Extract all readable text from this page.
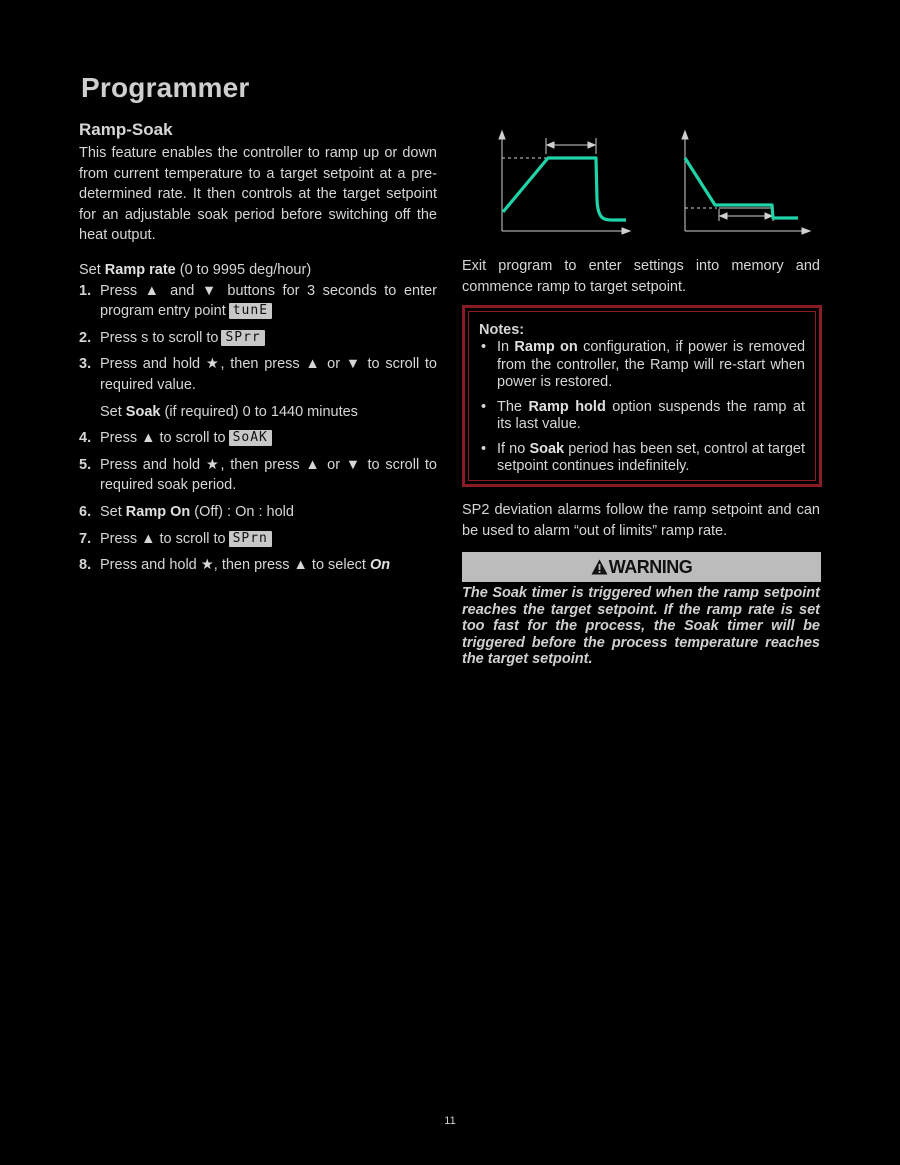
Programmer
Ramp-Soak

This feature enables the controller to ramp up or down from current temperature to a target setpoint at a pre-determined rate. It then controls at the target setpoint for an adjustable soak period before switching off the heat output.

Set Ramp rate (0 to 9995 deg/hour)

1. Press ▲ and ▼ buttons for 3 seconds to enter program entry point tunE
2. Press s to scroll to SPrr
3. Press and hold ★, then press ▲ or ▼ to scroll to required value.

Set Soak (if required) 0 to 1440 minutes

4. Press ▲ to scroll to SoAK
5. Press and hold ★, then press ▲ or ▼ to scroll to required soak period.
6. Set Ramp On (Off) : On : hold
7. Press ▲ to scroll to SPrn
8. Press and hold ★, then press ▲ to select On

Exit program to enter settings into memory and commence ramp to target setpoint.

Notes:
• In Ramp on configuration, if power is removed from the controller, the Ramp will re-start when power is restored.
• The Ramp hold option suspends the ramp at its last value.
• If no Soak period has been set, control at target setpoint continues indefinitely.

SP2 deviation alarms follow the ramp setpoint and can be used to alarm “out of limits” ramp rate.

WARNING
The Soak timer is triggered when the ramp setpoint reaches the target setpoint. If the ramp rate is set too fast for the process, the Soak timer will be triggered before the process temperature reaches the target setpoint.
11
